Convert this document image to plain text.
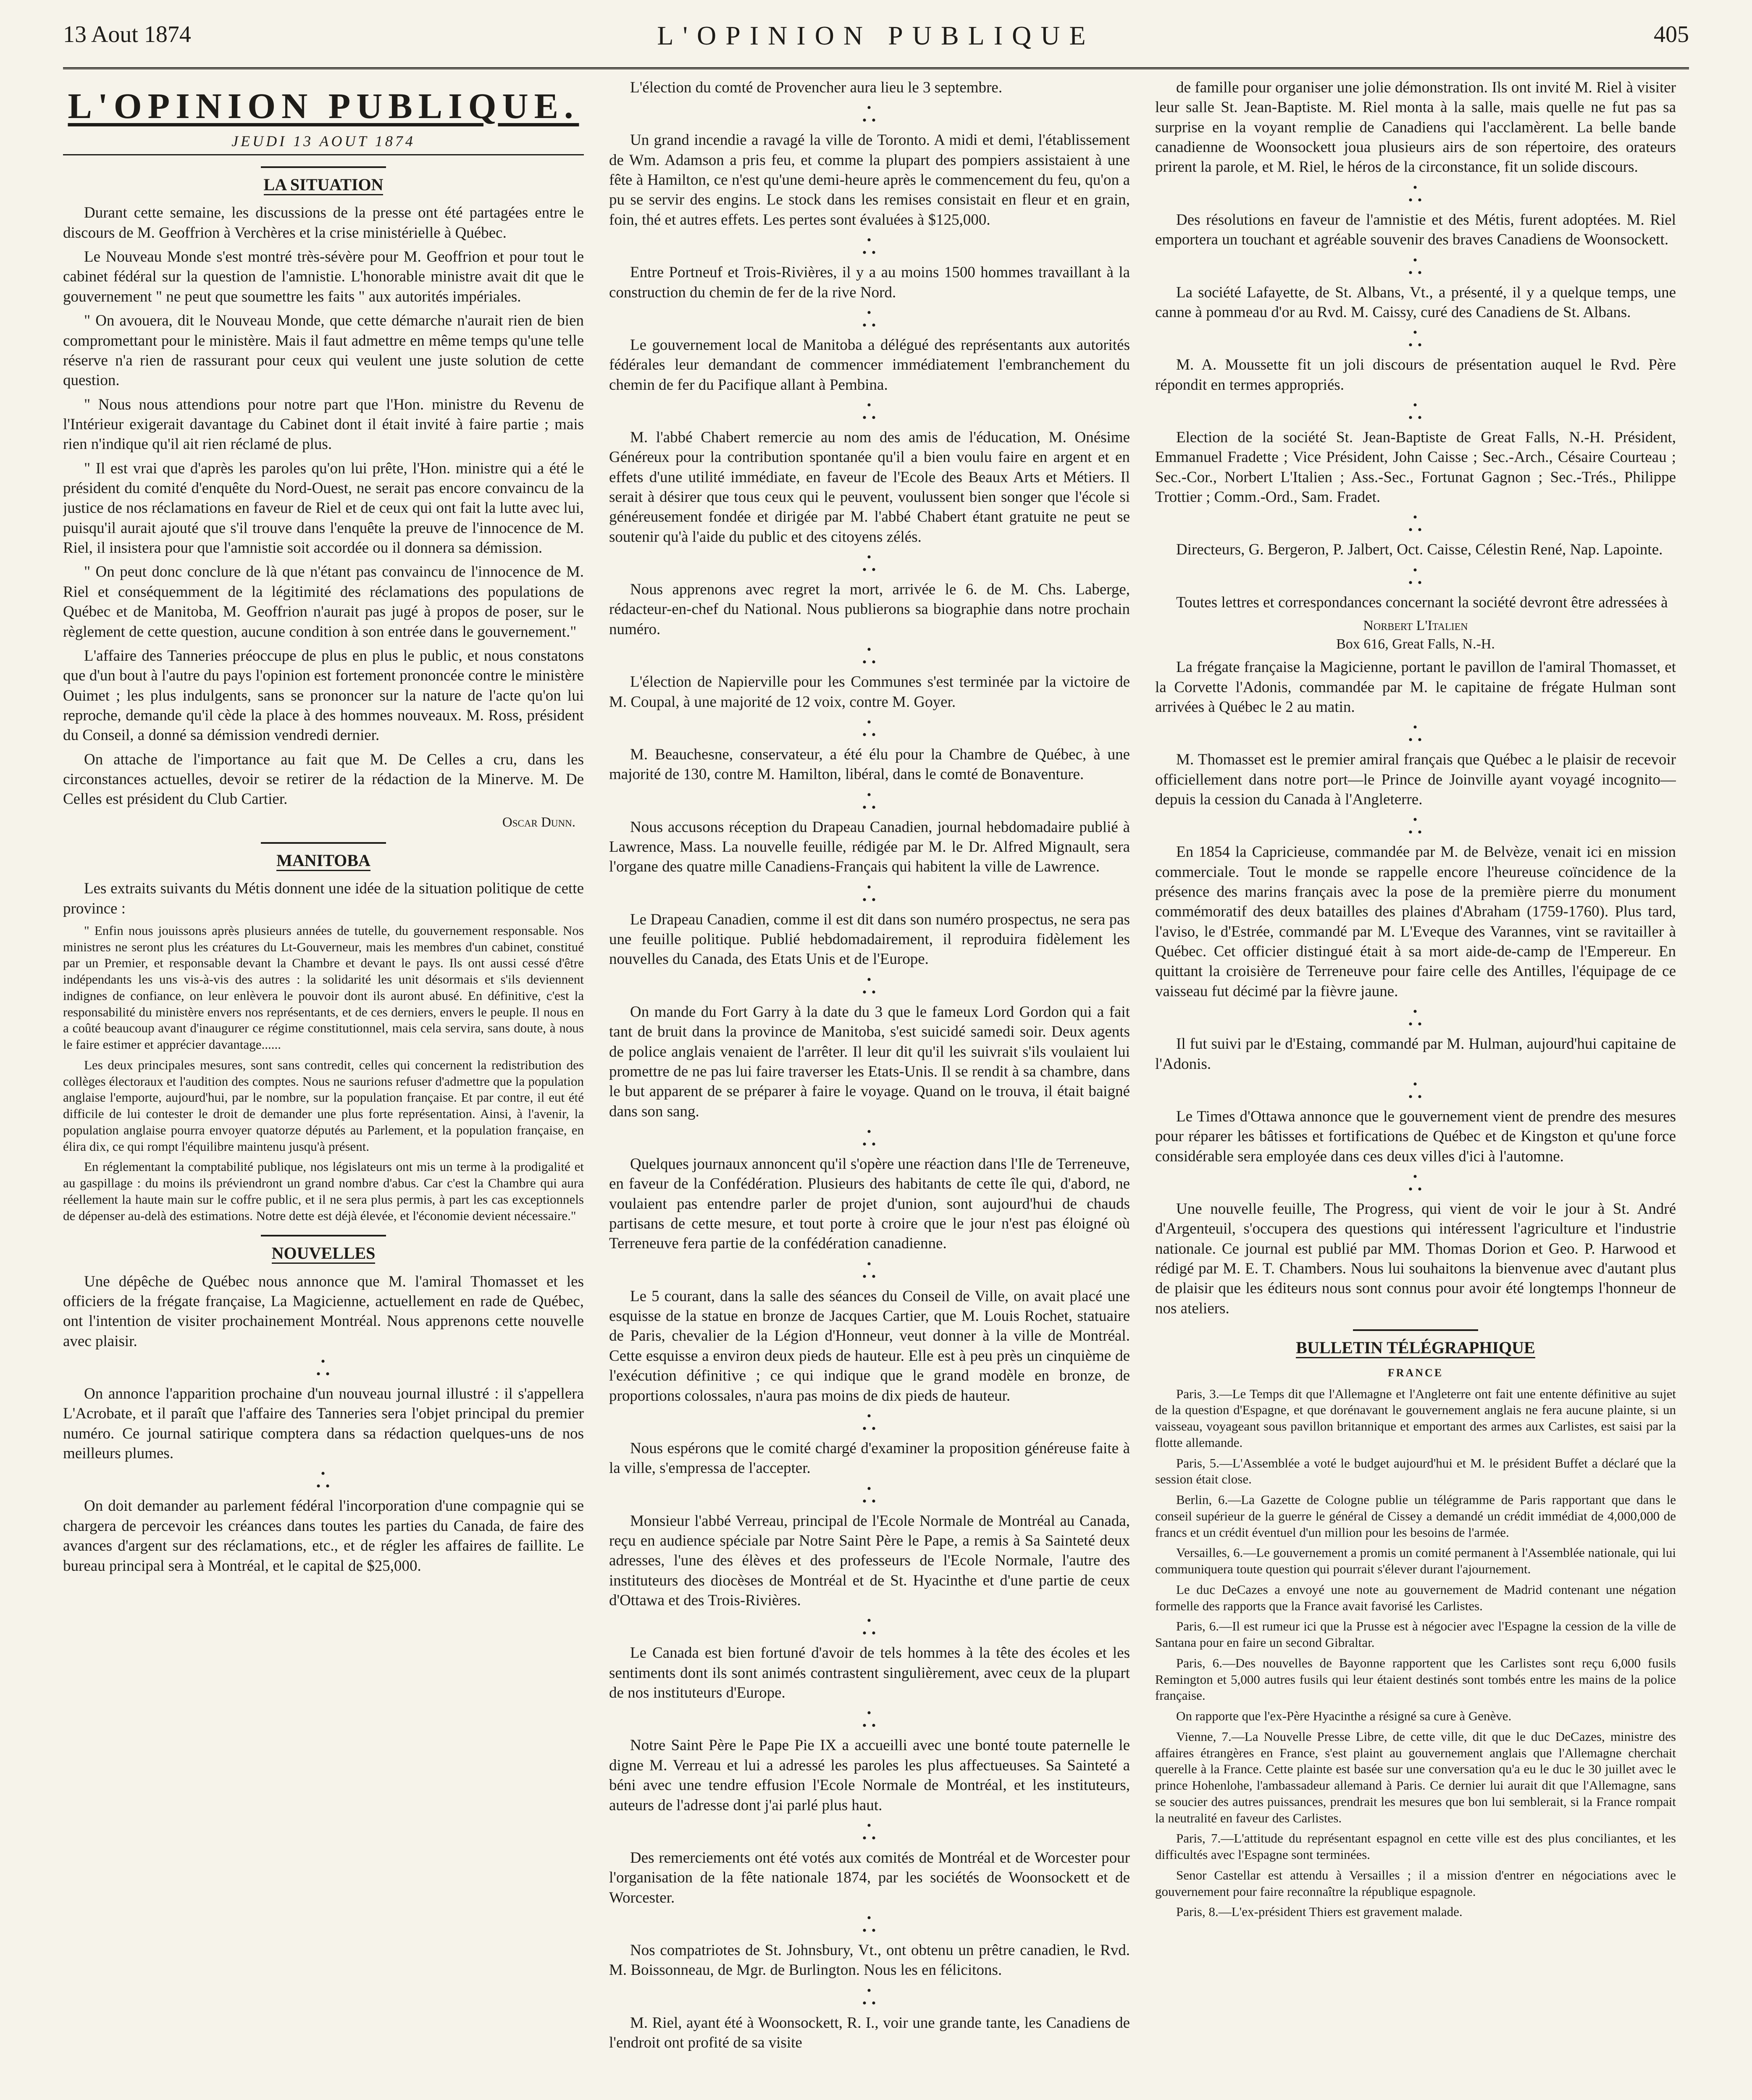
13 Aout 1874	L'OPINION PUBLIQUE	405
L'OPINION PUBLIQUE.
JEUDI 13 AOUT 1874
LA SITUATION

Durant cette semaine, les discussions de la presse ont été partagées entre le discours de M. Geoffrion à Verchères et la crise ministérielle à Québec.

Le Nouveau Monde s'est montré très-sévère pour M. Geoffrion et pour tout le cabinet fédéral sur la question de l'amnistie. L'honorable ministre avait dit que le gouvernement " ne peut que soumettre les faits " aux autorités impériales.

" On avouera, dit le Nouveau Monde, que cette démarche n'aurait rien de bien compromettant pour le ministère. Mais il faut admettre en même temps qu'une telle réserve n'a rien de rassurant pour ceux qui veulent une juste solution de cette question.

" Nous nous attendions pour notre part que l'Hon. ministre du Revenu de l'Intérieur exigerait davantage du Cabinet dont il était invité à faire partie ; mais rien n'indique qu'il ait rien réclamé de plus.

" Il est vrai que d'après les paroles qu'on lui prête, l'Hon. ministre qui a été le président du comité d'enquête du Nord-Ouest, ne serait pas encore convaincu de la justice de nos réclamations en faveur de Riel et de ceux qui ont fait la lutte avec lui, puisqu'il aurait ajouté que s'il trouve dans l'enquête la preuve de l'innocence de M. Riel, il insistera pour que l'amnistie soit accordée ou il donnera sa démission.

" On peut donc conclure de là que n'étant pas convaincu de l'innocence de M. Riel et conséquemment de la légitimité des réclamations des populations de Québec et de Manitoba, M. Geoffrion n'aurait pas jugé à propos de poser, sur le règlement de cette question, aucune condition à son entrée dans le gouvernement."

L'affaire des Tanneries préoccupe de plus en plus le public, et nous constatons que d'un bout à l'autre du pays l'opinion est fortement prononcée contre le ministère Ouimet ; les plus indulgents, sans se prononcer sur la nature de l'acte qu'on lui reproche, demande qu'il cède la place à des hommes nouveaux. M. Ross, président du Conseil, a donné sa démission vendredi dernier.

On attache de l'importance au fait que M. De Celles a cru, dans les circonstances actuelles, devoir se retirer de la rédaction de la Minerve. M. De Celles est président du Club Cartier.

Oscar Dunn.
MANITOBA

Les extraits suivants du Métis donnent une idée de la situation politique de cette province :

" Enfin nous jouissons après plusieurs années de tutelle, du gouvernement responsable. Nos ministres ne seront plus les créatures du Lt-Gouverneur, mais les membres d'un cabinet, constitué par un Premier, et responsable devant la Chambre et devant le pays. Ils ont aussi cessé d'être indépendants les uns vis-à-vis des autres : la solidarité les unit désormais et s'ils deviennent indignes de confiance, on leur enlèvera le pouvoir dont ils auront abusé. En définitive, c'est la responsabilité du ministère envers nos représentants, et de ces derniers, envers le peuple. Il nous en a coûté beaucoup avant d'inaugurer ce régime constitutionnel, mais cela servira, sans doute, à nous le faire estimer et apprécier davantage......

Les deux principales mesures, sont sans contredit, celles qui concernent la redistribution des collèges électoraux et l'audition des comptes. Nous ne saurions refuser d'admettre que la population anglaise l'emporte, aujourd'hui, par le nombre, sur la population française. Et par contre, il eut été difficile de lui contester le droit de demander une plus forte représentation. Ainsi, à l'avenir, la population anglaise pourra envoyer quatorze députés au Parlement, et la population française, en élira dix, ce qui rompt l'équilibre maintenu jusqu'à présent.

En réglementant la comptabilité publique, nos législateurs ont mis un terme à la prodigalité et au gaspillage : du moins ils préviendront un grand nombre d'abus. Car c'est la Chambre qui aura réellement la haute main sur le coffre public, et il ne sera plus permis, à part les cas exceptionnels de dépenser au-delà des estimations. Notre dette est déjà élevée, et l'économie devient nécessaire."

NOUVELLES

Une dépêche de Québec nous annonce que M. l'amiral Thomasset et les officiers de la frégate française, La Magicienne, actuellement en rade de Québec, ont l'intention de visiter prochainement Montréal. Nous apprenons cette nouvelle avec plaisir.

•
• •

On annonce l'apparition prochaine d'un nouveau journal illustré : il s'appellera L'Acrobate, et il paraît que l'affaire des Tanneries sera l'objet principal du premier numéro. Ce journal satirique comptera dans sa rédaction quelques-uns de nos meilleurs plumes.

•
• •

On doit demander au parlement fédéral l'incorporation d'une compagnie qui se chargera de percevoir les créances dans toutes les parties du Canada, de faire des avances d'argent sur des réclamations, etc., et de régler les affaires de faillite. Le bureau principal sera à Montréal, et le capital de $25,000.

L'élection du comté de Provencher aura lieu le 3 septembre.

•
• •

Un grand incendie a ravagé la ville de Toronto. A midi et demi, l'établissement de Wm. Adamson a pris feu, et comme la plupart des pompiers assistaient à une fête à Hamilton, ce n'est qu'une demi-heure après le commencement du feu, qu'on a pu se servir des engins. Le stock dans les remises consistait en fleur et en grain, foin, thé et autres effets. Les pertes sont évaluées à $125,000.

•
• •

Entre Portneuf et Trois-Rivières, il y a au moins 1500 hommes travaillant à la construction du chemin de fer de la rive Nord.

•
• •

Le gouvernement local de Manitoba a délégué des représentants aux autorités fédérales leur demandant de commencer immédiatement l'embranchement du chemin de fer du Pacifique allant à Pembina.

•
• •

M. l'abbé Chabert remercie au nom des amis de l'éducation, M. Onésime Généreux pour la contribution spontanée qu'il a bien voulu faire en argent et en effets d'une utilité immédiate, en faveur de l'Ecole des Beaux Arts et Métiers. Il serait à désirer que tous ceux qui le peuvent, voulussent bien songer que l'école si généreusement fondée et dirigée par M. l'abbé Chabert étant gratuite ne peut se soutenir qu'à l'aide du public et des citoyens zélés.

•
• •

Nous apprenons avec regret la mort, arrivée le 6. de M. Chs. Laberge, rédacteur-en-chef du National. Nous publierons sa biographie dans notre prochain numéro.

•
• •

L'élection de Napierville pour les Communes s'est terminée par la victoire de M. Coupal, à une majorité de 12 voix, contre M. Goyer.

•
• •

M. Beauchesne, conservateur, a été élu pour la Chambre de Québec, à une majorité de 130, contre M. Hamilton, libéral, dans le comté de Bonaventure.

•
• •

Nous accusons réception du Drapeau Canadien, journal hebdomadaire publié à Lawrence, Mass. La nouvelle feuille, rédigée par M. le Dr. Alfred Mignault, sera l'organe des quatre mille Canadiens-Français qui habitent la ville de Lawrence.

•
• •

Le Drapeau Canadien, comme il est dit dans son numéro prospectus, ne sera pas une feuille politique. Publié hebdomadairement, il reproduira fidèlement les nouvelles du Canada, des Etats Unis et de l'Europe.

•
• •

On mande du Fort Garry à la date du 3 que le fameux Lord Gordon qui a fait tant de bruit dans la province de Manitoba, s'est suicidé samedi soir. Deux agents de police anglais venaient de l'arrêter. Il leur dit qu'il les suivrait s'ils voulaient lui promettre de ne pas lui faire traverser les Etats-Unis. Il se rendit à sa chambre, dans le but apparent de se préparer à faire le voyage. Quand on le trouva, il était baigné dans son sang.

•
• •

Quelques journaux annoncent qu'il s'opère une réaction dans l'Ile de Terreneuve, en faveur de la Confédération. Plusieurs des habitants de cette île qui, d'abord, ne voulaient pas entendre parler de projet d'union, sont aujourd'hui de chauds partisans de cette mesure, et tout porte à croire que le jour n'est pas éloigné où Terreneuve fera partie de la confédération canadienne.

•
• •

Le 5 courant, dans la salle des séances du Conseil de Ville, on avait placé une esquisse de la statue en bronze de Jacques Cartier, que M. Louis Rochet, statuaire de Paris, chevalier de la Légion d'Honneur, veut donner à la ville de Montréal. Cette esquisse a environ deux pieds de hauteur. Elle est à peu près un cinquième de l'exécution définitive ; ce qui indique que le grand modèle en bronze, de proportions colossales, n'aura pas moins de dix pieds de hauteur.

•
• •

Nous espérons que le comité chargé d'examiner la proposition généreuse faite à la ville, s'empressa de l'accepter.

•
• •

Monsieur l'abbé Verreau, principal de l'Ecole Normale de Montréal au Canada, reçu en audience spéciale par Notre Saint Père le Pape, a remis à Sa Sainteté deux adresses, l'une des élèves et des professeurs de l'Ecole Normale, l'autre des instituteurs des diocèses de Montréal et de St. Hyacinthe et d'une partie de ceux d'Ottawa et des Trois-Rivières.

•
• •

Le Canada est bien fortuné d'avoir de tels hommes à la tête des écoles et les sentiments dont ils sont animés contrastent singulièrement, avec ceux de la plupart de nos instituteurs d'Europe.

•
• •

Notre Saint Père le Pape Pie IX a accueilli avec une bonté toute paternelle le digne M. Verreau et lui a adressé les paroles les plus affectueuses. Sa Sainteté a béni avec une tendre effusion l'Ecole Normale de Montréal, et les instituteurs, auteurs de l'adresse dont j'ai parlé plus haut.

•
• •

Des remerciements ont été votés aux comités de Montréal et de Worcester pour l'organisation de la fête nationale 1874, par les sociétés de Woonsockett et de Worcester.

•
• •

Nos compatriotes de St. Johnsbury, Vt., ont obtenu un prêtre canadien, le Rvd. M. Boissonneau, de Mgr. de Burlington. Nous les en félicitons.

•
• •

M. Riel, ayant été à Woonsockett, R. I., voir une grande tante, les Canadiens de l'endroit ont profité de sa visite

de famille pour organiser une jolie démonstration. Ils ont invité M. Riel à visiter leur salle St. Jean-Baptiste. M. Riel monta à la salle, mais quelle ne fut pas sa surprise en la voyant remplie de Canadiens qui l'acclamèrent. La belle bande canadienne de Woonsockett joua plusieurs airs de son répertoire, des orateurs prirent la parole, et M. Riel, le héros de la circonstance, fit un solide discours.

•
• •

Des résolutions en faveur de l'amnistie et des Métis, furent adoptées. M. Riel emportera un touchant et agréable souvenir des braves Canadiens de Woonsockett.

•
• •

La société Lafayette, de St. Albans, Vt., a présenté, il y a quelque temps, une canne à pommeau d'or au Rvd. M. Caissy, curé des Canadiens de St. Albans.

•
• •

M. A. Moussette fit un joli discours de présentation auquel le Rvd. Père répondit en termes appropriés.

•
• •

Election de la société St. Jean-Baptiste de Great Falls, N.-H. Président, Emmanuel Fradette ; Vice Président, John Caisse ; Sec.-Arch., Césaire Courteau ; Sec.-Cor., Norbert L'Italien ; Ass.-Sec., Fortunat Gagnon ; Sec.-Trés., Philippe Trottier ; Comm.-Ord., Sam. Fradet.

•
• •

Directeurs, G. Bergeron, P. Jalbert, Oct. Caisse, Célestin René, Nap. Lapointe.

•
• •

Toutes lettres et correspondances concernant la société devront être adressées à

Norbert L'Italien
Box 616, Great Falls, N.-H.

La frégate française la Magicienne, portant le pavillon de l'amiral Thomasset, et la Corvette l'Adonis, commandée par M. le capitaine de frégate Hulman sont arrivées à Québec le 2 au matin.

•
• •

M. Thomasset est le premier amiral français que Québec a le plaisir de recevoir officiellement dans notre port—le Prince de Joinville ayant voyagé incognito—depuis la cession du Canada à l'Angleterre.

•
• •

En 1854 la Capricieuse, commandée par M. de Belvèze, venait ici en mission commerciale. Tout le monde se rappelle encore l'heureuse coïncidence de la présence des marins français avec la pose de la première pierre du monument commémoratif des deux batailles des plaines d'Abraham (1759-1760). Plus tard, l'aviso, le d'Estrée, commandé par M. L'Eveque des Varannes, vint se ravitailler à Québec. Cet officier distingué était à sa mort aide-de-camp de l'Empereur. En quittant la croisière de Terreneuve pour faire celle des Antilles, l'équipage de ce vaisseau fut décimé par la fièvre jaune.

•
• •

Il fut suivi par le d'Estaing, commandé par M. Hulman, aujourd'hui capitaine de l'Adonis.

•
• •

Le Times d'Ottawa annonce que le gouvernement vient de prendre des mesures pour réparer les bâtisses et fortifications de Québec et de Kingston et qu'une force considérable sera employée dans ces deux villes d'ici à l'automne.

•
• •

Une nouvelle feuille, The Progress, qui vient de voir le jour à St. André d'Argenteuil, s'occupera des questions qui intéressent l'agriculture et l'industrie nationale. Ce journal est publié par MM. Thomas Dorion et Geo. P. Harwood et rédigé par M. E. T. Chambers. Nous lui souhaitons la bienvenue avec d'autant plus de plaisir que les éditeurs nous sont connus pour avoir été longtemps l'honneur de nos ateliers.

BULLETIN TÉLÉGRAPHIQUE
FRANCE

Paris, 3.—Le Temps dit que l'Allemagne et l'Angleterre ont fait une entente définitive au sujet de la question d'Espagne, et que dorénavant le gouvernement anglais ne fera aucune plainte, si un vaisseau, voyageant sous pavillon britannique et emportant des armes aux Carlistes, est saisi par la flotte allemande.

Paris, 5.—L'Assemblée a voté le budget aujourd'hui et M. le président Buffet a déclaré que la session était close.

Berlin, 6.—La Gazette de Cologne publie un télégramme de Paris rapportant que dans le conseil supérieur de la guerre le général de Cissey a demandé un crédit immédiat de 4,000,000 de francs et un crédit éventuel d'un million pour les besoins de l'armée.

Versailles, 6.—Le gouvernement a promis un comité permanent à l'Assemblée nationale, qui lui communiquera toute question qui pourrait s'élever durant l'ajournement.

Le duc DeCazes a envoyé une note au gouvernement de Madrid contenant une négation formelle des rapports que la France avait favorisé les Carlistes.

Paris, 6.—Il est rumeur ici que la Prusse est à négocier avec l'Espagne la cession de la ville de Santana pour en faire un second Gibraltar.

Paris, 6.—Des nouvelles de Bayonne rapportent que les Carlistes sont reçu 6,000 fusils Remington et 5,000 autres fusils qui leur étaient destinés sont tombés entre les mains de la police française.

On rapporte que l'ex-Père Hyacinthe a résigné sa cure à Genève.

Vienne, 7.—La Nouvelle Presse Libre, de cette ville, dit que le duc DeCazes, ministre des affaires étrangères en France, s'est plaint au gouvernement anglais que l'Allemagne cherchait querelle à la France. Cette plainte est basée sur une conversation qu'a eu le duc le 30 juillet avec le prince Hohenlohe, l'ambassadeur allemand à Paris. Ce dernier lui aurait dit que l'Allemagne, sans se soucier des autres puissances, prendrait les mesures que bon lui semblerait, si la France rompait la neutralité en faveur des Carlistes.

Paris, 7.—L'attitude du représentant espagnol en cette ville est des plus conciliantes, et les difficultés avec l'Espagne sont terminées.

Senor Castellar est attendu à Versailles ; il a mission d'entrer en négociations avec le gouvernement pour faire reconnaître la république espagnole.

Paris, 8.—L'ex-président Thiers est gravement malade.
